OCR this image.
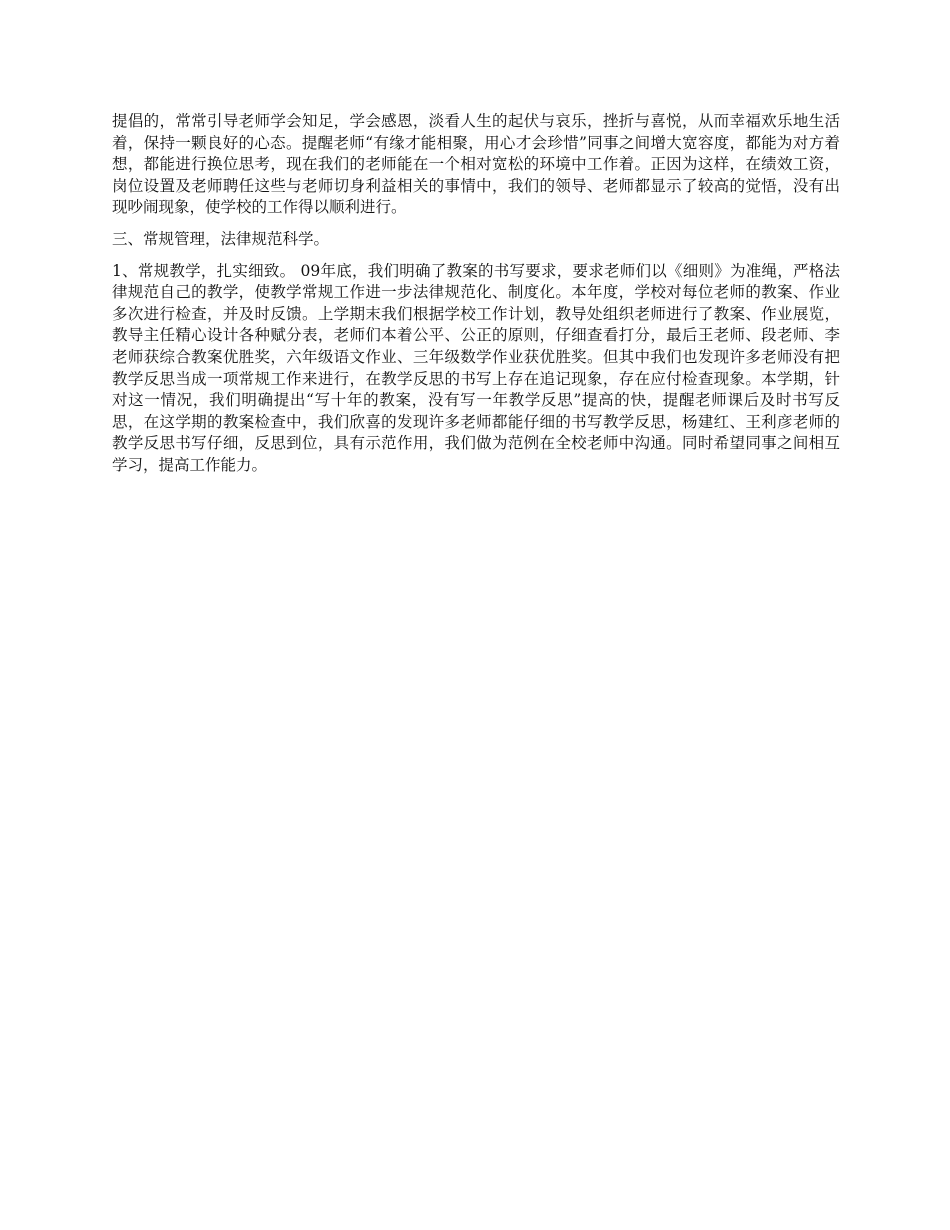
提倡的，常常引导老师学会知足，学会感恩，淡看人生的起伏与哀乐，挫折与喜悦，从而幸福欢乐地生活着，保持一颗良好的心态。提醒老师“有缘才能相聚，用心才会珍惜”同事之间增大宽容度，都能为对方着想，都能进行换位思考，现在我们的老师能在一个相对宽松的环境中工作着。正因为这样，在绩效工资，岗位设置及老师聘任这些与老师切身利益相关的事情中，我们的领导、老师都显示了较高的觉悟，没有出现吵闹现象，使学校的工作得以顺利进行。

三、常规管理，法律规范科学。

1、常规教学，扎实细致。 09年底，我们明确了教案的书写要求，要求老师们以《细则》为准绳，严格法律规范自己的教学，使教学常规工作进一步法律规范化、制度化。本年度，学校对每位老师的教案、作业多次进行检查，并及时反馈。上学期末我们根据学校工作计划，教导处组织老师进行了教案、作业展览，教导主任精心设计各种赋分表，老师们本着公平、公正的原则，仔细查看打分，最后王老师、段老师、李老师获综合教案优胜奖，六年级语文作业、三年级数学作业获优胜奖。但其中我们也发现许多老师没有把教学反思当成一项常规工作来进行，在教学反思的书写上存在追记现象，存在应付检查现象。本学期，针对这一情况，我们明确提出“写十年的教案，没有写一年教学反思”提高的快，提醒老师课后及时书写反思，在这学期的教案检查中，我们欣喜的发现许多老师都能仔细的书写教学反思，杨建红、王利彦老师的教学反思书写仔细，反思到位，具有示范作用，我们做为范例在全校老师中沟通。同时希望同事之间相互学习，提高工作能力。
